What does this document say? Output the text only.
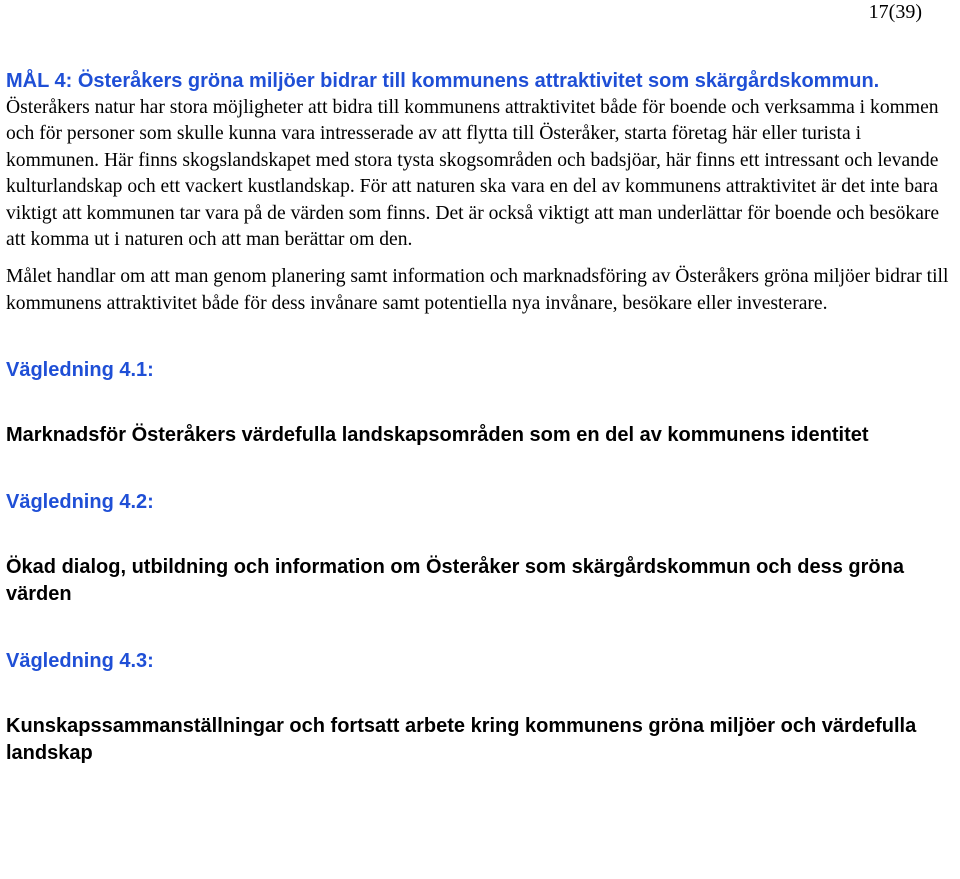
17(39)
MÅL 4: Österåkers gröna miljöer bidrar till kommunens attraktivitet som skärgårdskommun.

Österåkers natur har stora möjligheter att bidra till kommunens attraktivitet både för boende och verksamma i kommen och för personer som skulle kunna vara intresserade av att flytta till Österåker, starta företag här eller turista i kommunen. Här finns skogslandskapet med stora tysta skogsområden och badsjöar, här finns ett intressant och levande kulturlandskap och ett vackert kustlandskap. För att naturen ska vara en del av kommunens attraktivitet är det inte bara viktigt att kommunen tar vara på de värden som finns. Det är också viktigt att man underlättar för boende och besökare att komma ut i naturen och att man berättar om den.

Målet handlar om att man genom planering samt information och marknadsföring av Österåkers gröna miljöer bidrar till kommunens attraktivitet både för dess invånare samt potentiella nya invånare, besökare eller investerare.

Vägledning 4.1:

Marknadsför Österåkers värdefulla landskapsområden som en del av kommunens identitet

Vägledning 4.2:

Ökad dialog, utbildning och information om Österåker som skärgårdskommun och dess gröna värden

Vägledning 4.3:

Kunskapssammanställningar och fortsatt arbete kring kommunens gröna miljöer och värdefulla landskap
